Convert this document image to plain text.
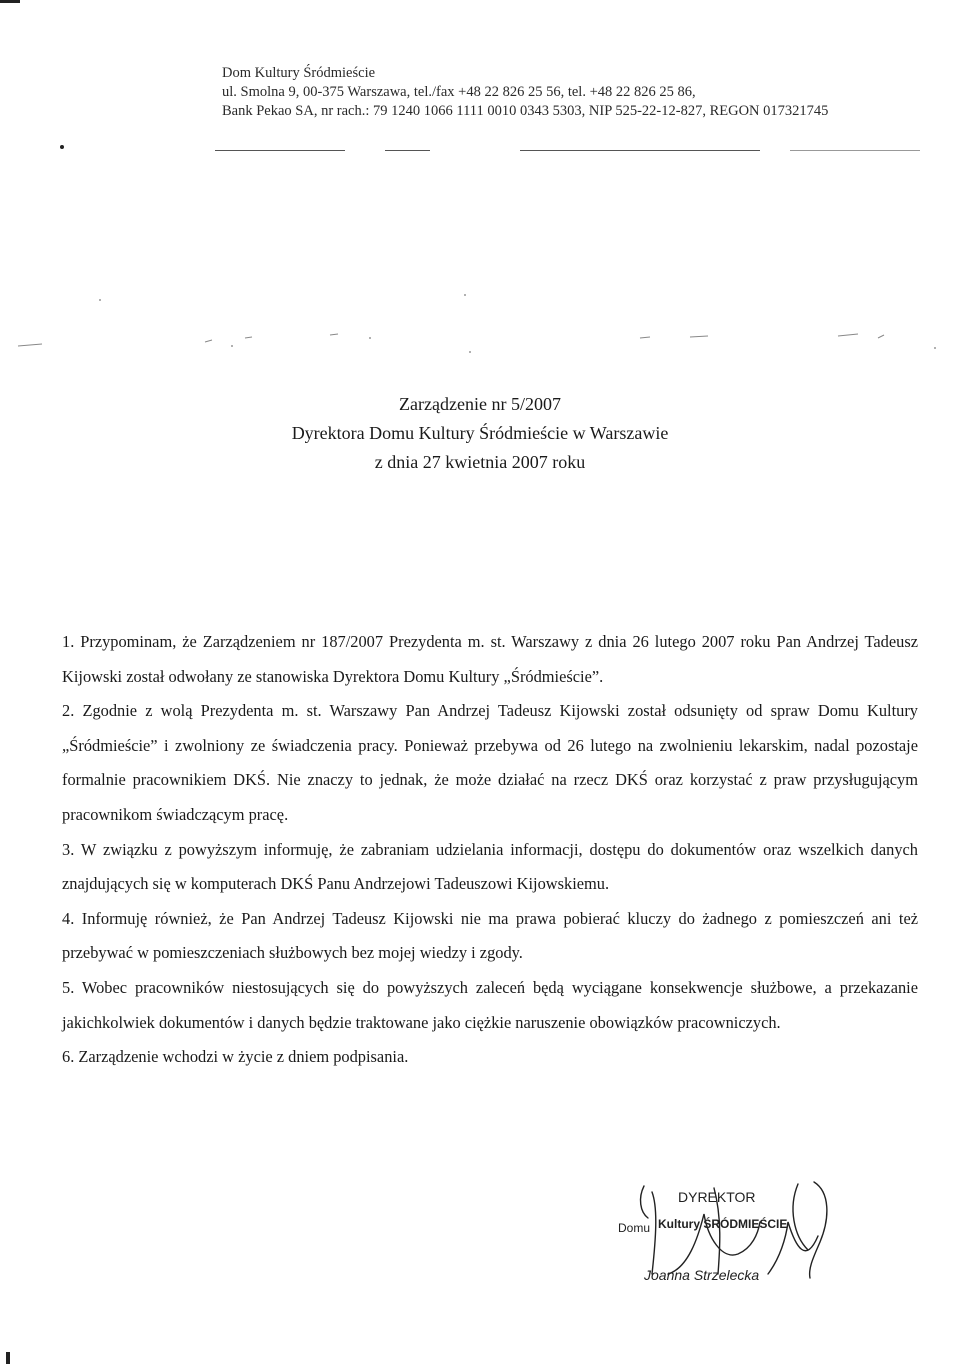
Dom Kultury Śródmieście
ul. Smolna 9, 00-375 Warszawa, tel./fax +48 22 826 25 56, tel. +48 22 826 25 86,
Bank Pekao SA, nr rach.: 79 1240 1066 1111 0010 0343 5303, NIP 525-22-12-827, REGON 017321745
Zarządzenie nr 5/2007
Dyrektora Domu Kultury Śródmieście w Warszawie
z dnia 27 kwietnia 2007 roku

1. Przypominam, że Zarządzeniem nr 187/2007 Prezydenta m. st. Warszawy z dnia 26 lutego 2007 roku Pan Andrzej Tadeusz Kijowski został odwołany ze stanowiska Dyrektora Domu Kultury „Śródmieście”.

2. Zgodnie z wolą Prezydenta m. st. Warszawy Pan Andrzej Tadeusz Kijowski został odsunięty od spraw Domu Kultury „Śródmieście” i zwolniony ze świadczenia pracy. Ponieważ przebywa od 26 lutego na zwolnieniu lekarskim, nadal pozostaje formalnie pracownikiem DKŚ. Nie znaczy to jednak, że może działać na rzecz DKŚ oraz korzystać z praw przysługującym pracownikom świadczącym pracę.

3. W związku z powyższym informuję, że zabraniam udzielania informacji, dostępu do dokumentów oraz wszelkich danych znajdujących się w komputerach DKŚ Panu Andrzejowi Tadeuszowi Kijowskiemu.

4. Informuję również, że Pan Andrzej Tadeusz Kijowski nie ma prawa pobierać kluczy do żadnego z pomieszczeń ani też przebywać w pomieszczeniach służbowych bez mojej wiedzy i zgody.

5. Wobec pracowników niestosujących się do powyższych zaleceń będą wyciągane konsekwencje służbowe, a przekazanie jakichkolwiek dokumentów i danych będzie traktowane jako ciężkie naruszenie obowiązków pracowniczych.

6. Zarządzenie wchodzi w życie z dniem podpisania.

DYREKTOR
Domu Kultury ŚRÓDMIEŚCIE
Joanna Strzelecka
